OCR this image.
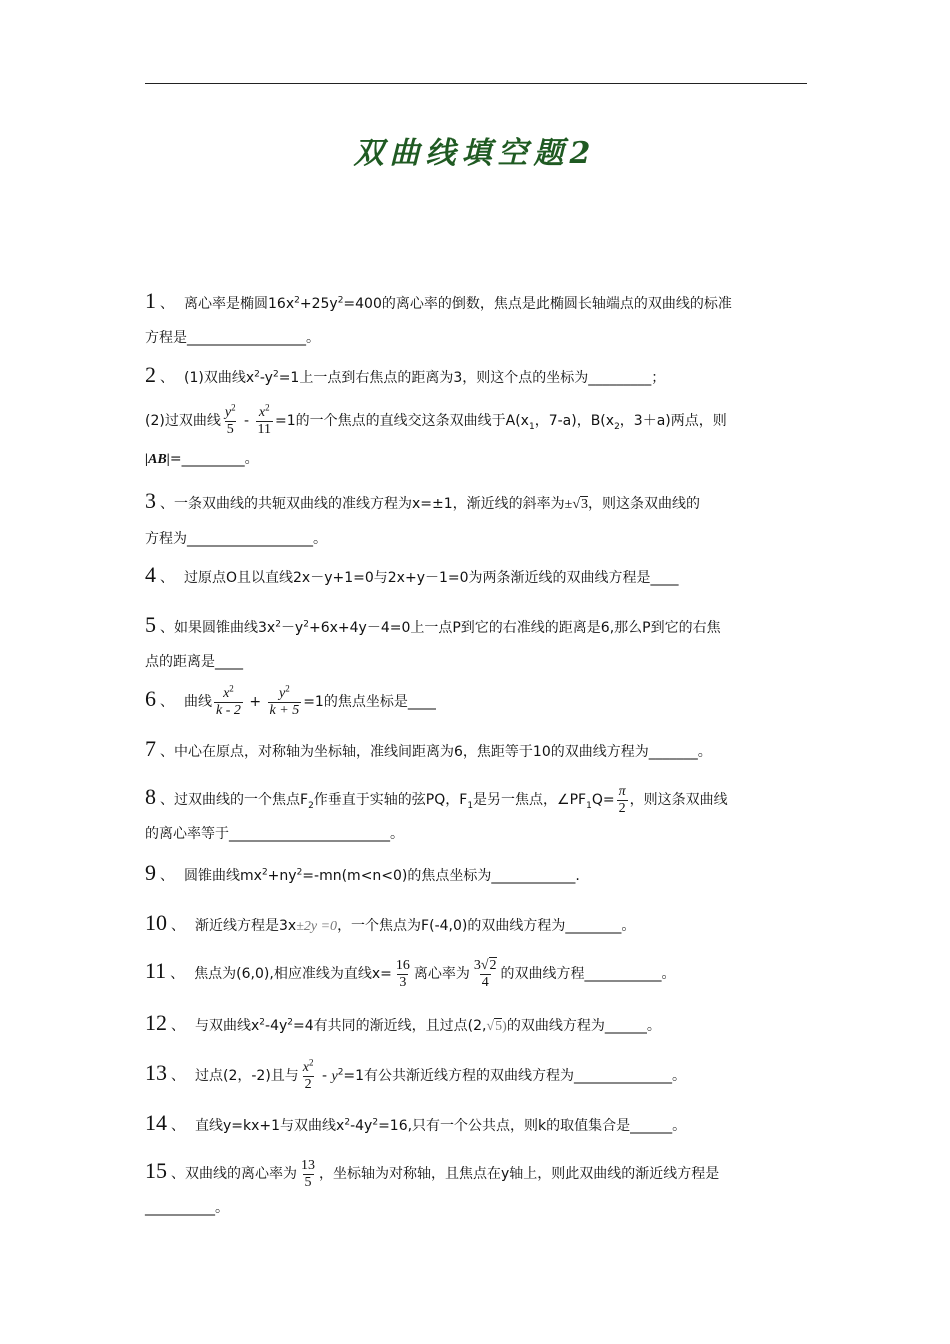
双曲线填空题2
1 、 离心率是椭圆$16x^2+25y^2=400$的离心率的倒数，焦点是此椭圆长轴端点的双曲线的标准
方程是_________________。
2 、 (1)双曲线$x^2-y^2=1$上一点到右焦点的距离为3，则这个点的坐标为_________；
(2)过双曲线 $\frac{y^2}{5} - \frac{x^2}{11} =1$的一个焦点的直线交这条双曲线于$A(x_1$，7-a)，$B(x_2$，3＋a)两点，则
|AB|=_________。
3 、一条双曲线的共轭双曲线的准线方程为x=±1，渐近线的斜率为±√3，则这条双曲线的
方程为__________________。
4 、 过原点O且以直线2x－y+1=0与2x+y－1=0为两条渐近线的双曲线方程是____
5 、如果圆锥曲线$3x^2-y^2+6x+4y-4=0$上一点P到它的右准线的距离是6,那么P到它的右焦
点的距离是____
6 、 曲线 $\frac{x^2}{k - 2} + \frac{y^2}{k + 5} =1$的焦点坐标是____
7 、中心在原点，对称轴为坐标轴，准线间距离为6，焦距等于10的双曲线方程为_______。
8 、过双曲线的一个焦点$F_2$作垂直于实轴的弦PQ，$F_1$是另一焦点，$\angle PF_1Q= \frac{\pi}{2}$ ，则这条双曲线
的离心率等于_______________________。
9 、 圆锥曲线$mx^2+ny^2=-mn(m<n<0)$的焦点坐标为____________.
10 、 渐近线方程是3x±2y =0，一个焦点为F(-4,0)的双曲线方程为________。
11 、 焦点为(6,0),相应准线为直线$x= \frac{16}{3}$ 离心率为 $\frac{3√2}{4}$ 的双曲线方程___________。
12 、 与双曲线$x^2-4y^2=4$有共同的渐近线，且过点(2,√5)的双曲线方程为______。
13 、 过点(2，-2)且与 $\frac{x^2}{2} - y^2=1$有公共渐近线方程的双曲线方程为______________。
14 、 直线y=kx+1与双曲线$x^2-4y^2=16$,只有一个公共点，则k的取值集合是______。
15 、双曲线的离心率为 $\frac{13}{5}$ ，坐标轴为对称轴，且焦点在y轴上，则此双曲线的渐近线方程是
__________。
